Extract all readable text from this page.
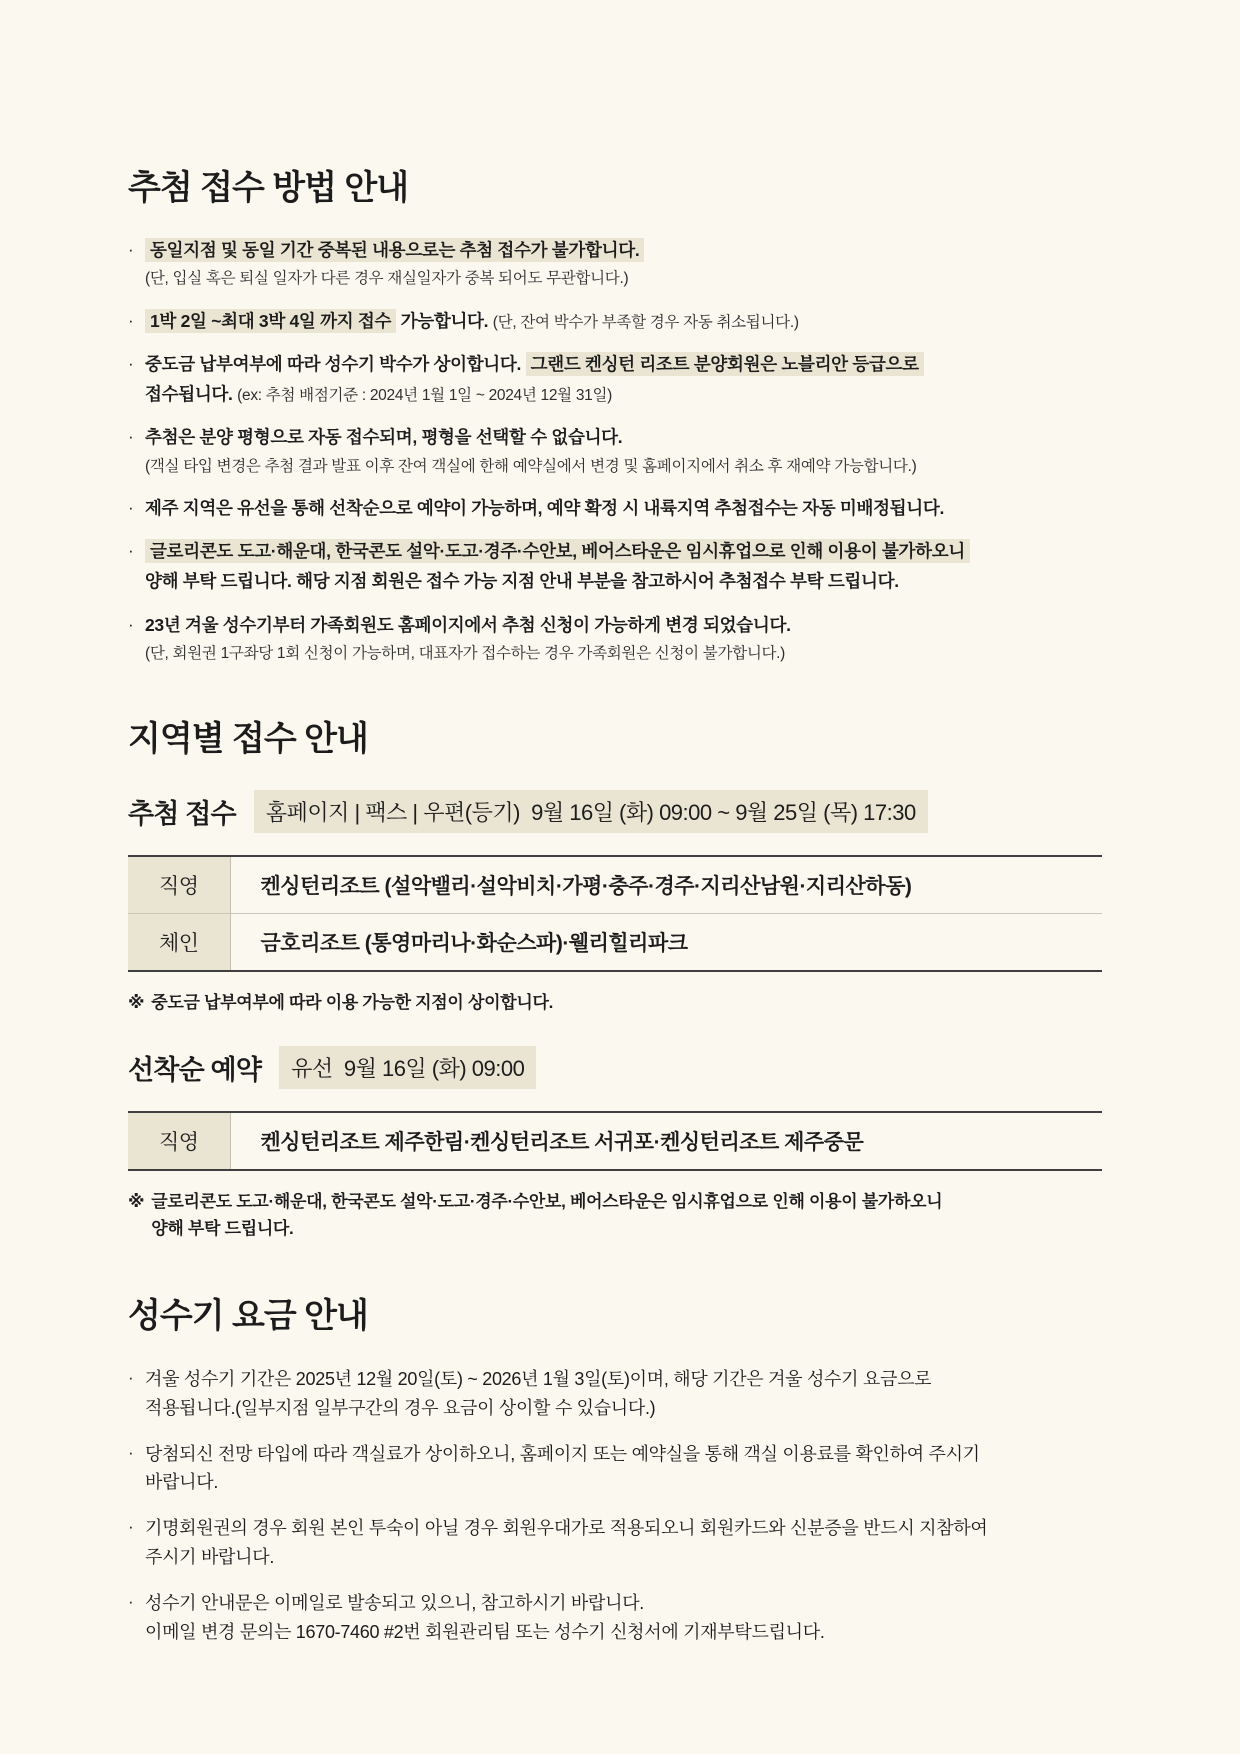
추첨 접수 방법 안내
· 동일지점 및 동일 기간 중복된 내용으로는 추첨 접수가 불가합니다.
(단, 입실 혹은 퇴실 일자가 다른 경우 재실일자가 중복 되어도 무관합니다.)
· 1박 2일 ~최대 3박 4일 까지 접수 가능합니다. (단, 잔여 박수가 부족할 경우 자동 취소됩니다.)
· 중도금 납부여부에 따라 성수기 박수가 상이합니다. 그랜드 켄싱턴 리조트 분양회원은 노블리안 등급으로
접수됩니다. (ex: 추첨 배점기준 : 2024년 1월 1일 ~ 2024년 12월 31일)
· 추첨은 분양 평형으로 자동 접수되며, 평형을 선택할 수 없습니다.
(객실 타입 변경은 추첨 결과 발표 이후 잔여 객실에 한해 예약실에서 변경 및 홈페이지에서 취소 후 재예약 가능합니다.)
· 제주 지역은 유선을 통해 선착순으로 예약이 가능하며, 예약 확정 시 내륙지역 추첨접수는 자동 미배정됩니다.
· 글로리콘도 도고·해운대, 한국콘도 설악·도고·경주·수안보, 베어스타운은 임시휴업으로 인해 이용이 불가하오니
양해 부탁 드립니다. 해당 지점 회원은 접수 가능 지점 안내 부분을 참고하시어 추첨접수 부탁 드립니다.
· 23년 겨울 성수기부터 가족회원도 홈페이지에서 추첨 신청이 가능하게 변경 되었습니다.
(단, 회원권 1구좌당 1회 신청이 가능하며, 대표자가 접수하는 경우 가족회원은 신청이 불가합니다.)
지역별 접수 안내
추첨 접수	홈페이지 | 팩스 | 우편(등기)  9월 16일 (화) 09:00 ~ 9월 25일 (목) 17:30
직영	켄싱턴리조트 (설악밸리·설악비치·가평·충주·경주·지리산남원·지리산하동)
체인	금호리조트 (통영마리나·화순스파)·웰리힐리파크
※ 중도금 납부여부에 따라 이용 가능한 지점이 상이합니다.
선착순 예약	유선  9월 16일 (화) 09:00
직영	켄싱턴리조트 제주한림·켄싱턴리조트 서귀포·켄싱턴리조트 제주중문
※ 글로리콘도 도고·해운대, 한국콘도 설악·도고·경주·수안보, 베어스타운은 임시휴업으로 인해 이용이 불가하오니
양해 부탁 드립니다.
성수기 요금 안내
· 겨울 성수기 기간은 2025년 12월 20일(토) ~ 2026년 1월 3일(토)이며, 해당 기간은 겨울 성수기 요금으로
적용됩니다.(일부지점 일부구간의 경우 요금이 상이할 수 있습니다.)
· 당첨되신 전망 타입에 따라 객실료가 상이하오니, 홈페이지 또는 예약실을 통해 객실 이용료를 확인하여 주시기
바랍니다.
· 기명회원권의 경우 회원 본인 투숙이 아닐 경우 회원우대가로 적용되오니 회원카드와 신분증을 반드시 지참하여
주시기 바랍니다.
· 성수기 안내문은 이메일로 발송되고 있으니, 참고하시기 바랍니다.
이메일 변경 문의는 1670-7460 #2번 회원관리팀 또는 성수기 신청서에 기재부탁드립니다.
